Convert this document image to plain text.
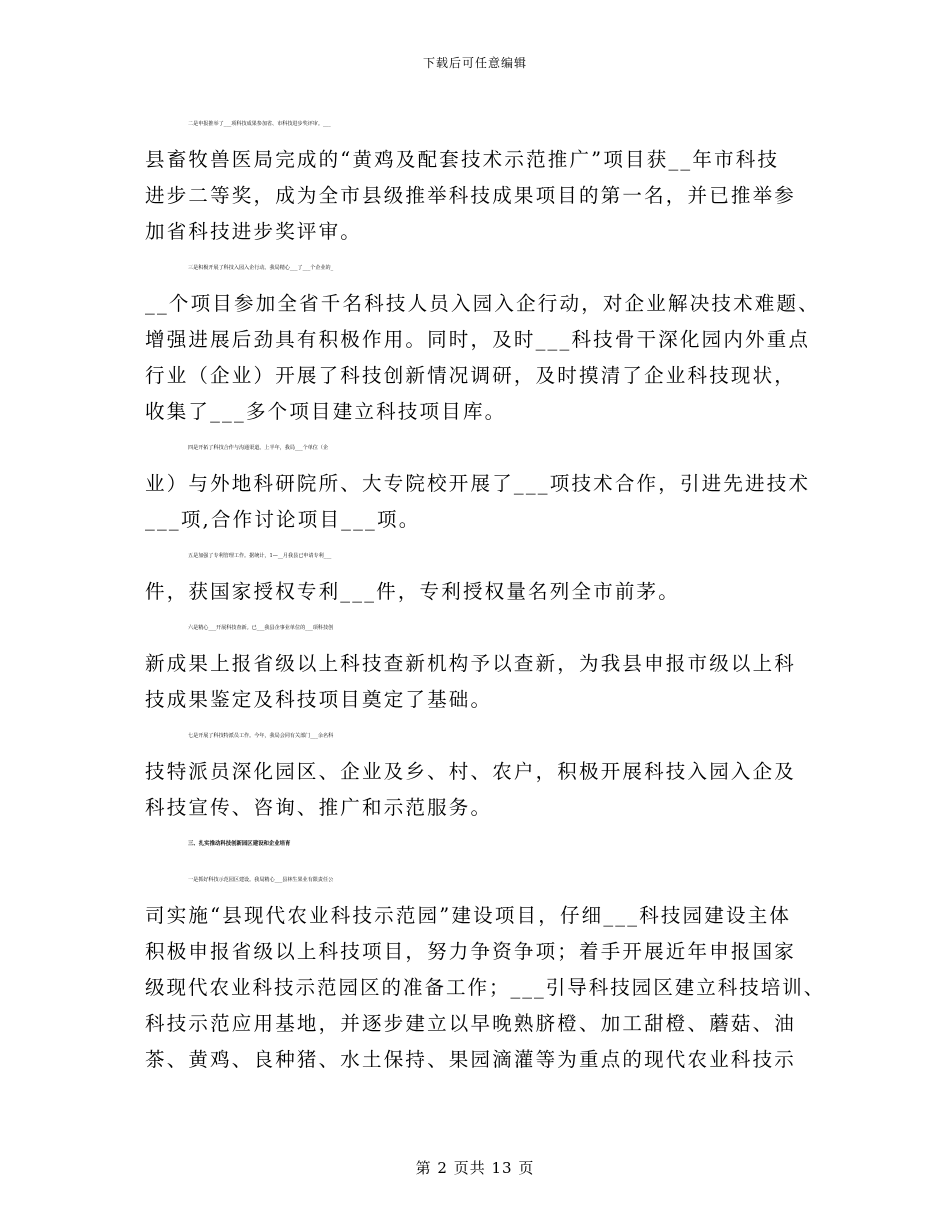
下载后可任意编辑
二是申报推举了___项科技成果参加省、市科技进步奖评审。___
县畜牧兽医局完成的“黄鸡及配套技术示范推广”项目获__年市科技
进步二等奖，成为全市县级推举科技成果项目的第一名，并已推举参
加省科技进步奖评审。
三是积极开展了科技入园入企行动。我局精心___了___个企业的_
__个项目参加全省千名科技人员入园入企行动，对企业解决技术难题、
增强进展后劲具有积极作用。同时，及时___科技骨干深化园内外重点
行业（企业）开展了科技创新情况调研，及时摸清了企业科技现状，
收集了___多个项目建立科技项目库。
四是开拓了科技合作与沟通渠道。上半年，我局___个单位（企
业）与外地科研院所、大专院校开展了___项技术合作，引进先进技术
___项,合作讨论项目___项。
五是加强了专利管理工作。据统计，1—__月我县已申请专利___
件，获国家授权专利___件，专利授权量名列全市前茅。
六是精心___开展科技查新。已___我县企事业单位的___项科技创
新成果上报省级以上科技查新机构予以查新，为我县申报市级以上科
技成果鉴定及科技项目奠定了基础。
七是开展了科技特派员工作。今年，我局会同有关部门___余名科
技特派员深化园区、企业及乡、村、农户，积极开展科技入园入企及
科技宣传、咨询、推广和示范服务。
三、扎实推动科技创新园区建设和企业培育
一是抓好科技示范园区建设。我局精心___县林生果业有限责任公
司实施“县现代农业科技示范园”建设项目，仔细___科技园建设主体
积极申报省级以上科技项目，努力争资争项；着手开展近年申报国家
级现代农业科技示范园区的准备工作；___引导科技园区建立科技培训、
科技示范应用基地，并逐步建立以早晚熟脐橙、加工甜橙、蘑菇、油
茶、黄鸡、良种猪、水土保持、果园滴灌等为重点的现代农业科技示
第 2 页共 13 页
